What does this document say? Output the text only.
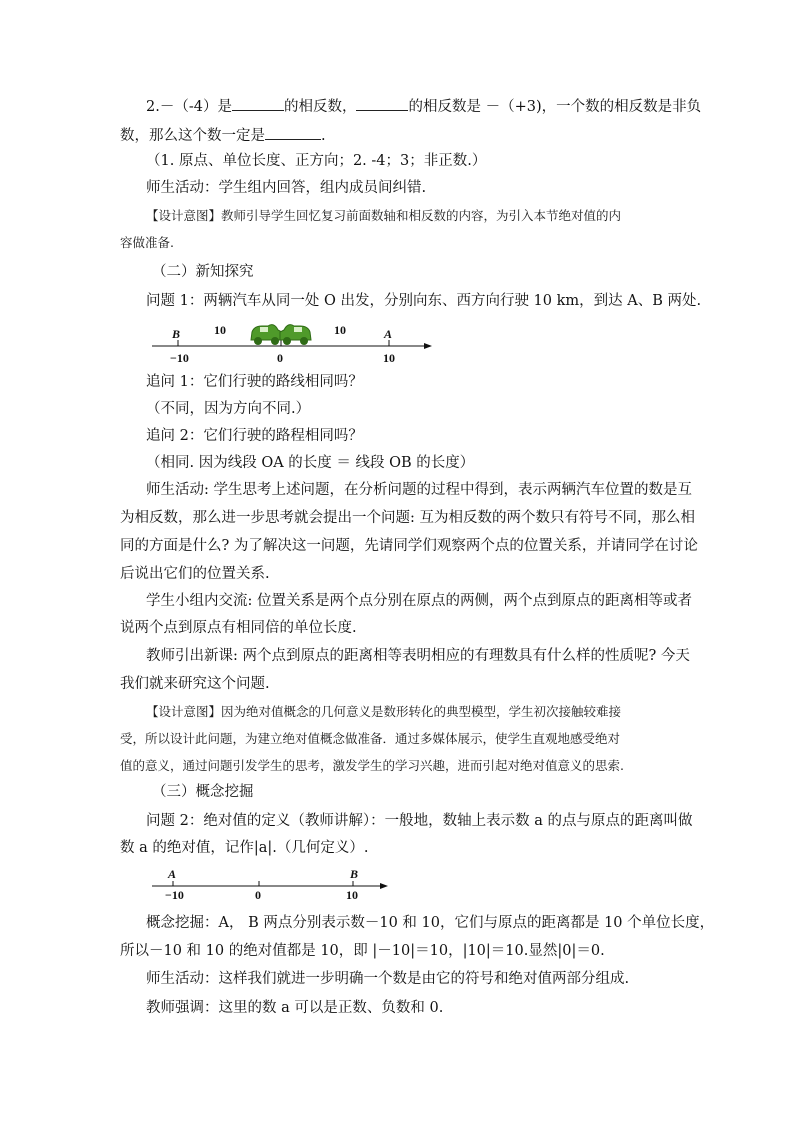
2.－（-4）是	的相反数，	的相反数是 －（+3)，一个数的相反数是非负
数，那么这个数一定是	.
（1. 原点、单位长度、正方向；2. -4；3；非正数.）
师生活动：学生组内回答，组内成员间纠错.
【设计意图】教师引导学生回忆复习前面数轴和相反数的内容，为引入本节绝对值的内
容做准备.
（二）新知探究
问题 1：两辆汽车从同一处 O 出发，分别向东、西方向行驶 10 km，到达 A、B 两处.
B	A
10	10
−10	0	10
追问 1：它们行驶的路线相同吗？
（不同，因为方向不同.）
追问 2：它们行驶的路程相同吗？
（相同. 因为线段 OA 的长度 ＝ 线段 OB 的长度）
师生活动: 学生思考上述问题，在分析问题的过程中得到，表示两辆汽车位置的数是互
为相反数，那么进一步思考就会提出一个问题: 互为相反数的两个数只有符号不同，那么相
同的方面是什么? 为了解决这一问题，先请同学们观察两个点的位置关系，并请同学在讨论
后说出它们的位置关系.
学生小组内交流: 位置关系是两个点分别在原点的两侧，两个点到原点的距离相等或者
说两个点到原点有相同倍的单位长度.
教师引出新课: 两个点到原点的距离相等表明相应的有理数具有什么样的性质呢? 今天
我们就来研究这个问题.
【设计意图】因为绝对值概念的几何意义是数形转化的典型模型，学生初次接触较难接
受，所以设计此问题，为建立绝对值概念做准备．通过多媒体展示，使学生直观地感受绝对
值的意义，通过问题引发学生的思考，激发学生的学习兴趣，进而引起对绝对值意义的思索.
（三）概念挖掘
问题 2：绝对值的定义（教师讲解）：一般地，数轴上表示数 a 的点与原点的距离叫做
数 a 的绝对值，记作|a|.（几何定义）.
A	B
−10	0	10
概念挖掘：A， B 两点分别表示数－10 和 10，它们与原点的距离都是 10 个单位长度，
所以－10 和 10 的绝对值都是 10，即 |－10|＝10，|10|＝10.显然|0|＝0.
师生活动：这样我们就进一步明确一个数是由它的符号和绝对值两部分组成.
教师强调：这里的数 a 可以是正数、负数和 0.
